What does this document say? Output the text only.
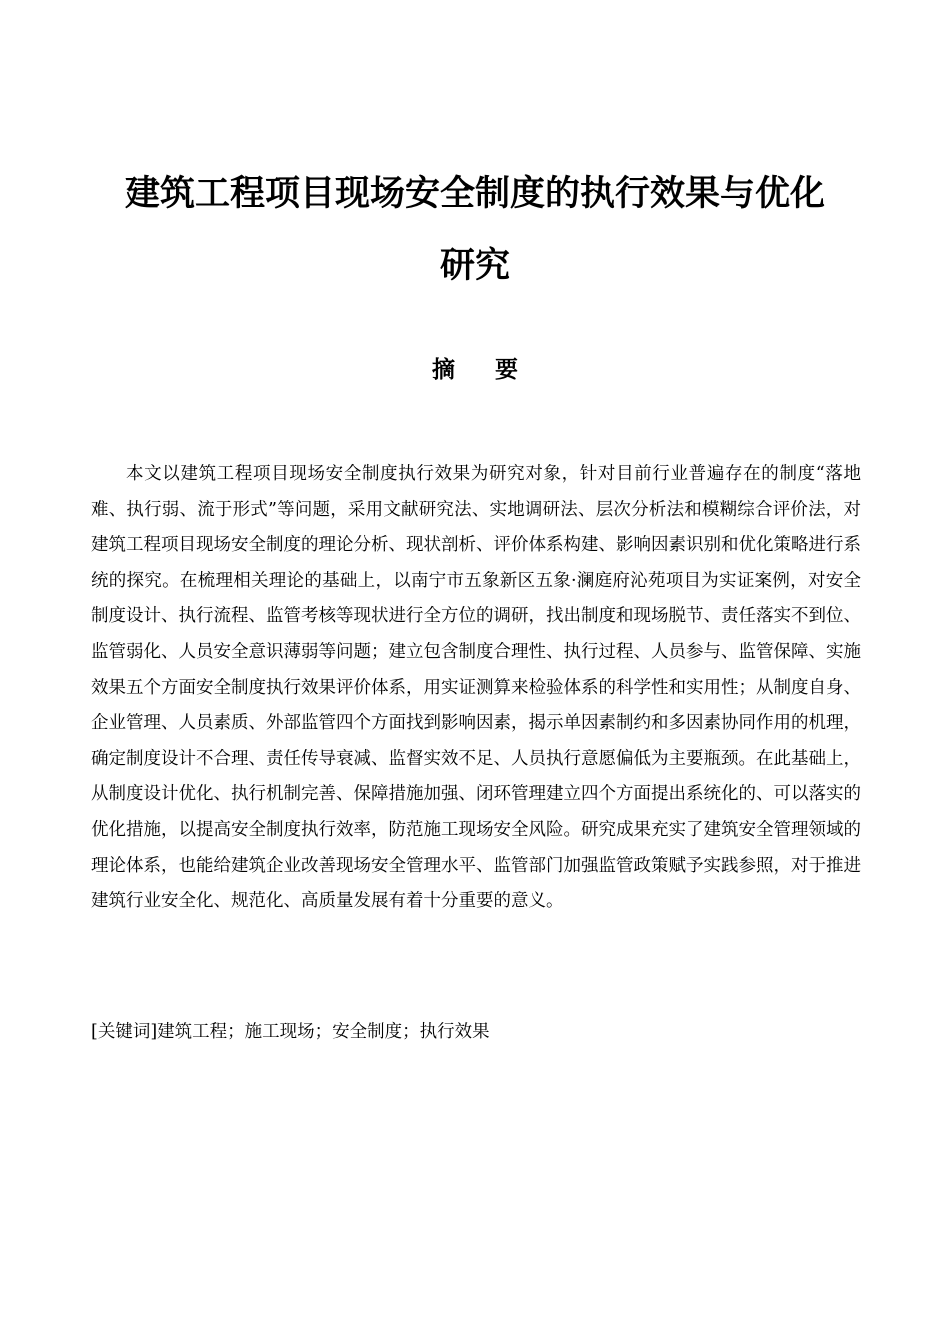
建筑工程项目现场安全制度的执行效果与优化
研究
摘要

本文以建筑工程项目现场安全制度执行效果为研究对象，针对目前行业普遍存在的制度“落地难、执行弱、流于形式”等问题，采用文献研究法、实地调研法、层次分析法和模糊综合评价法，对建筑工程项目现场安全制度的理论分析、现状剖析、评价体系构建、影响因素识别和优化策略进行系统的探究。在梳理相关理论的基础上，以南宁市五象新区五象·澜庭府沁苑项目为实证案例，对安全制度设计、执行流程、监管考核等现状进行全方位的调研，找出制度和现场脱节、责任落实不到位、监管弱化、人员安全意识薄弱等问题；建立包含制度合理性、执行过程、人员参与、监管保障、实施效果五个方面安全制度执行效果评价体系，用实证测算来检验体系的科学性和实用性；从制度自身、企业管理、人员素质、外部监管四个方面找到影响因素，揭示单因素制约和多因素协同作用的机理，确定制度设计不合理、责任传导衰减、监督实效不足、人员执行意愿偏低为主要瓶颈。在此基础上，从制度设计优化、执行机制完善、保障措施加强、闭环管理建立四个方面提出系统化的、可以落实的优化措施，以提高安全制度执行效率，防范施工现场安全风险。研究成果充实了建筑安全管理领域的理论体系，也能给建筑企业改善现场安全管理水平、监管部门加强监管政策赋予实践参照，对于推进建筑行业安全化、规范化、高质量发展有着十分重要的意义。

[关键词]建筑工程；施工现场；安全制度；执行效果
